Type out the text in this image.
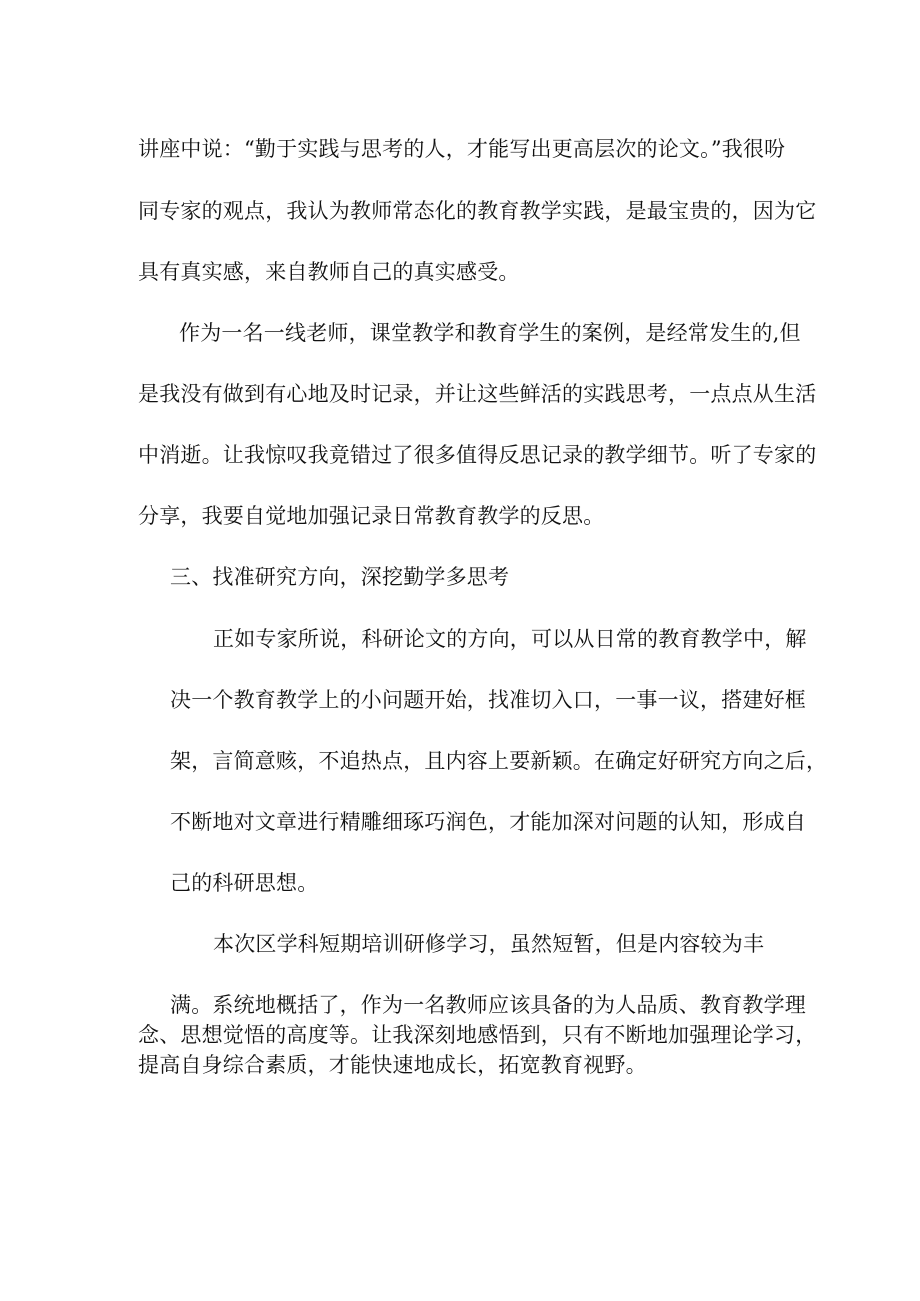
讲座中说：“勤于实践与思考的人，才能写出更高层次的论文。”我很吩
同专家的观点，我认为教师常态化的教育教学实践，是最宝贵的，因为它
具有真实感，来自教师自己的真实感受。
作为一名一线老师，课堂教学和教育学生的案例，是经常发生的,但
是我没有做到有心地及时记录，并让这些鲜活的实践思考，一点点从生活
中消逝。让我惊叹我竟错过了很多值得反思记录的教学细节。听了专家的
分享，我要自觉地加强记录日常教育教学的反思。
三、找准研究方向，深挖勤学多思考
正如专家所说，科研论文的方向，可以从日常的教育教学中，解
决一个教育教学上的小问题开始，找准切入口，一事一议，搭建好框
架，言简意赅，不追热点，且内容上要新颖。在确定好研究方向之后，
不断地对文章进行精雕细琢巧润色，才能加深对问题的认知，形成自
己的科研思想。
本次区学科短期培训研修学习，虽然短暂，但是内容较为丰
满。系统地概括了，作为一名教师应该具备的为人品质、教育教学理
念、思想觉悟的高度等。让我深刻地感悟到，只有不断地加强理论学习，
提高自身综合素质，才能快速地成长，拓宽教育视野。
